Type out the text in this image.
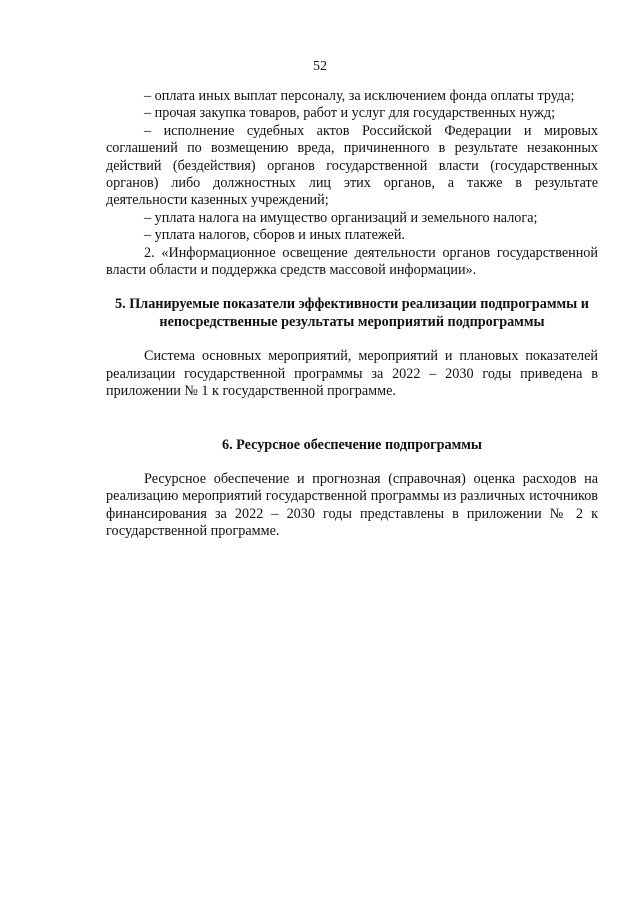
52

– оплата иных выплат персоналу, за исключением фонда оплаты труда;

– прочая закупка товаров, работ и услуг для государственных нужд;

– исполнение судебных актов Российской Федерации и мировых соглашений по возмещению вреда, причиненного в результате незаконных действий (бездействия) органов государственной власти (государственных органов) либо должностных лиц этих органов, а также в результате деятельности казенных учреждений;

– уплата налога на имущество организаций и земельного налога;

– уплата налогов, сборов и иных платежей.

2. «Информационное освещение деятельности органов государственной власти области и поддержка средств массовой информации».

5. Планируемые показатели эффективности реализации подпрограммы и непосредственные результаты мероприятий подпрограммы

Система основных мероприятий, мероприятий и плановых показателей реализации государственной программы за 2022 – 2030 годы приведена в приложении № 1 к государственной программе.

6. Ресурсное обеспечение подпрограммы

Ресурсное обеспечение и прогнозная (справочная) оценка расходов на реализацию мероприятий государственной программы из различных источников финансирования за 2022 – 2030 годы представлены в приложении № 2 к государственной программе.
